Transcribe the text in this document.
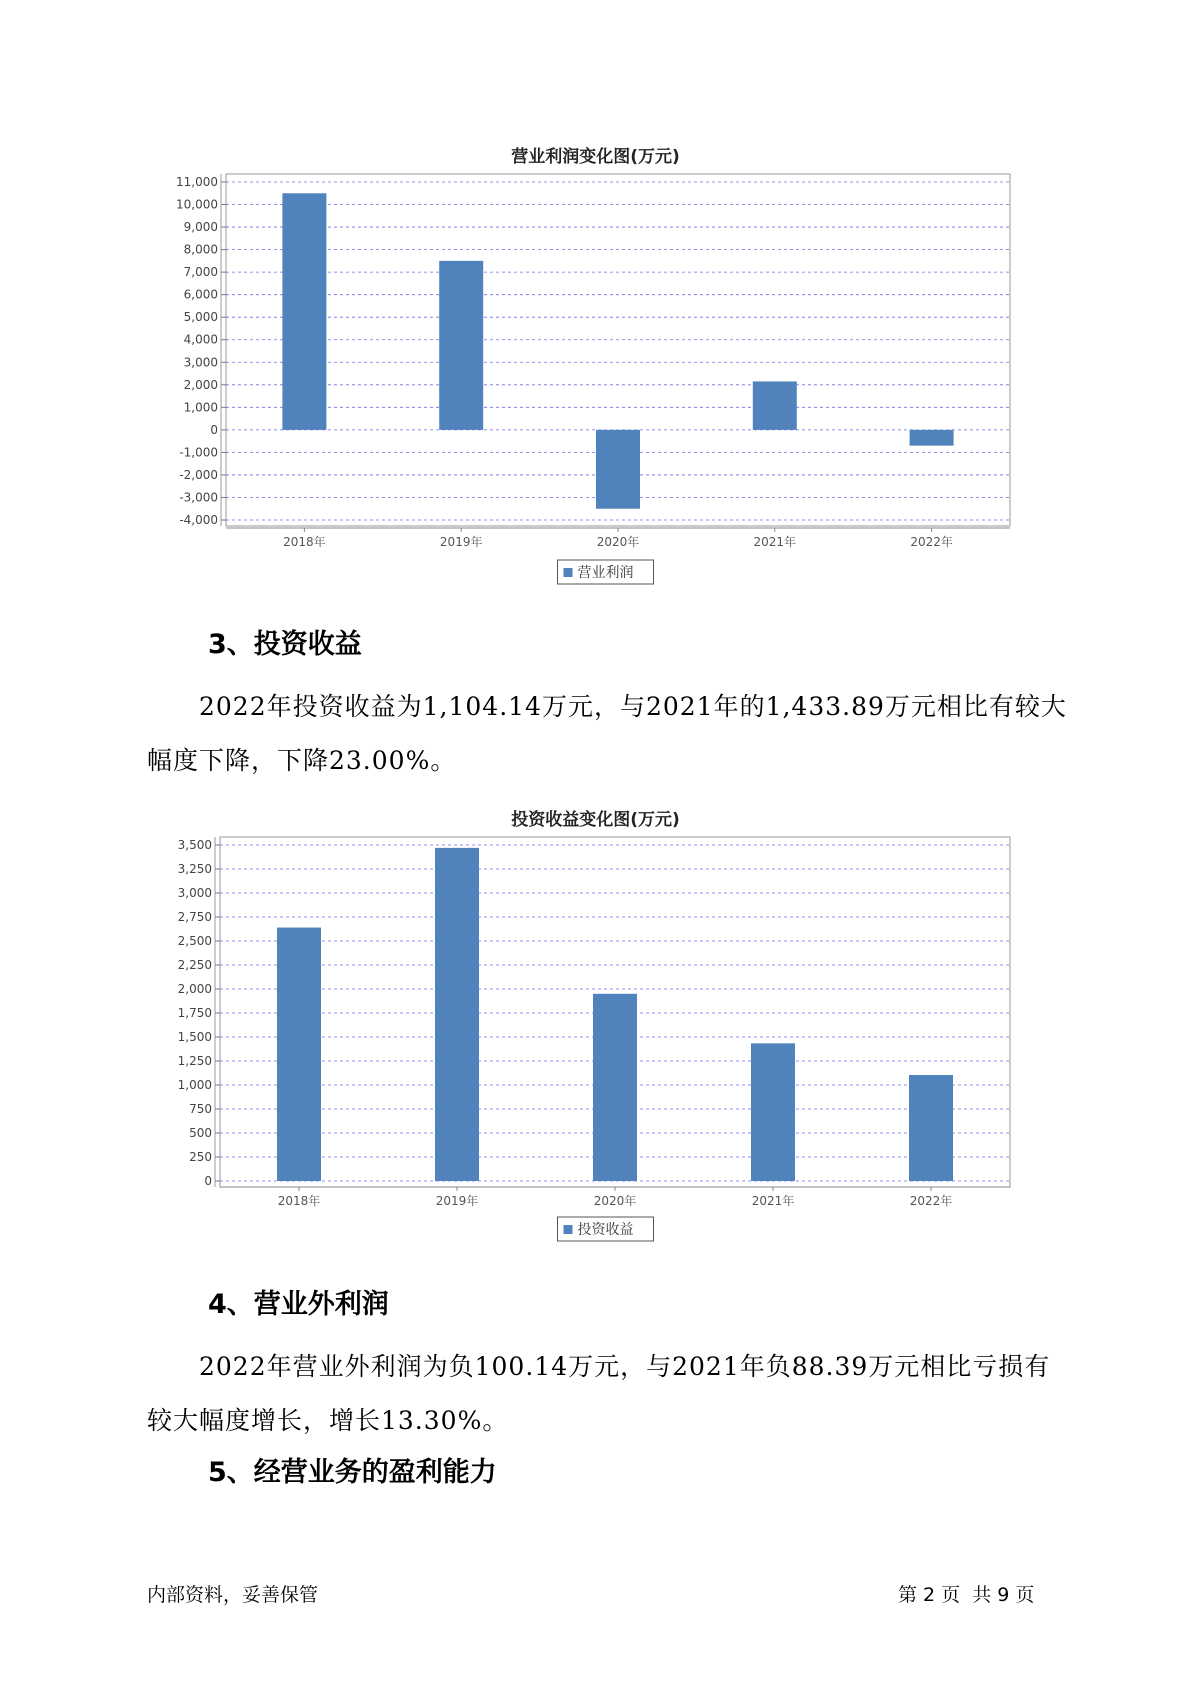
营业利润变化图(万元)
-4,000
-3,000
-2,000
-1,000
0
1,000
2,000
3,000
4,000
5,000
6,000
7,000
8,000
9,000
10,000
11,000
2018年	2019年	2020年	2021年	2022年
营业利润
3、投资收益
2022年投资收益为1,104.14万元，与2021年的1,433.89万元相比有较大幅度下降，下降23.00%。
投资收益变化图(万元)
0
250
500
750
1,000
1,250
1,500
1,750
2,000
2,250
2,500
2,750
3,000
3,250
3,500
2018年	2019年	2020年	2021年	2022年
投资收益
4、营业外利润
2022年营业外利润为负100.14万元，与2021年负88.39万元相比亏损有较大幅度增长，增长13.30%。
5、经营业务的盈利能力
内部资料，妥善保管	第 2 页  共 9 页
